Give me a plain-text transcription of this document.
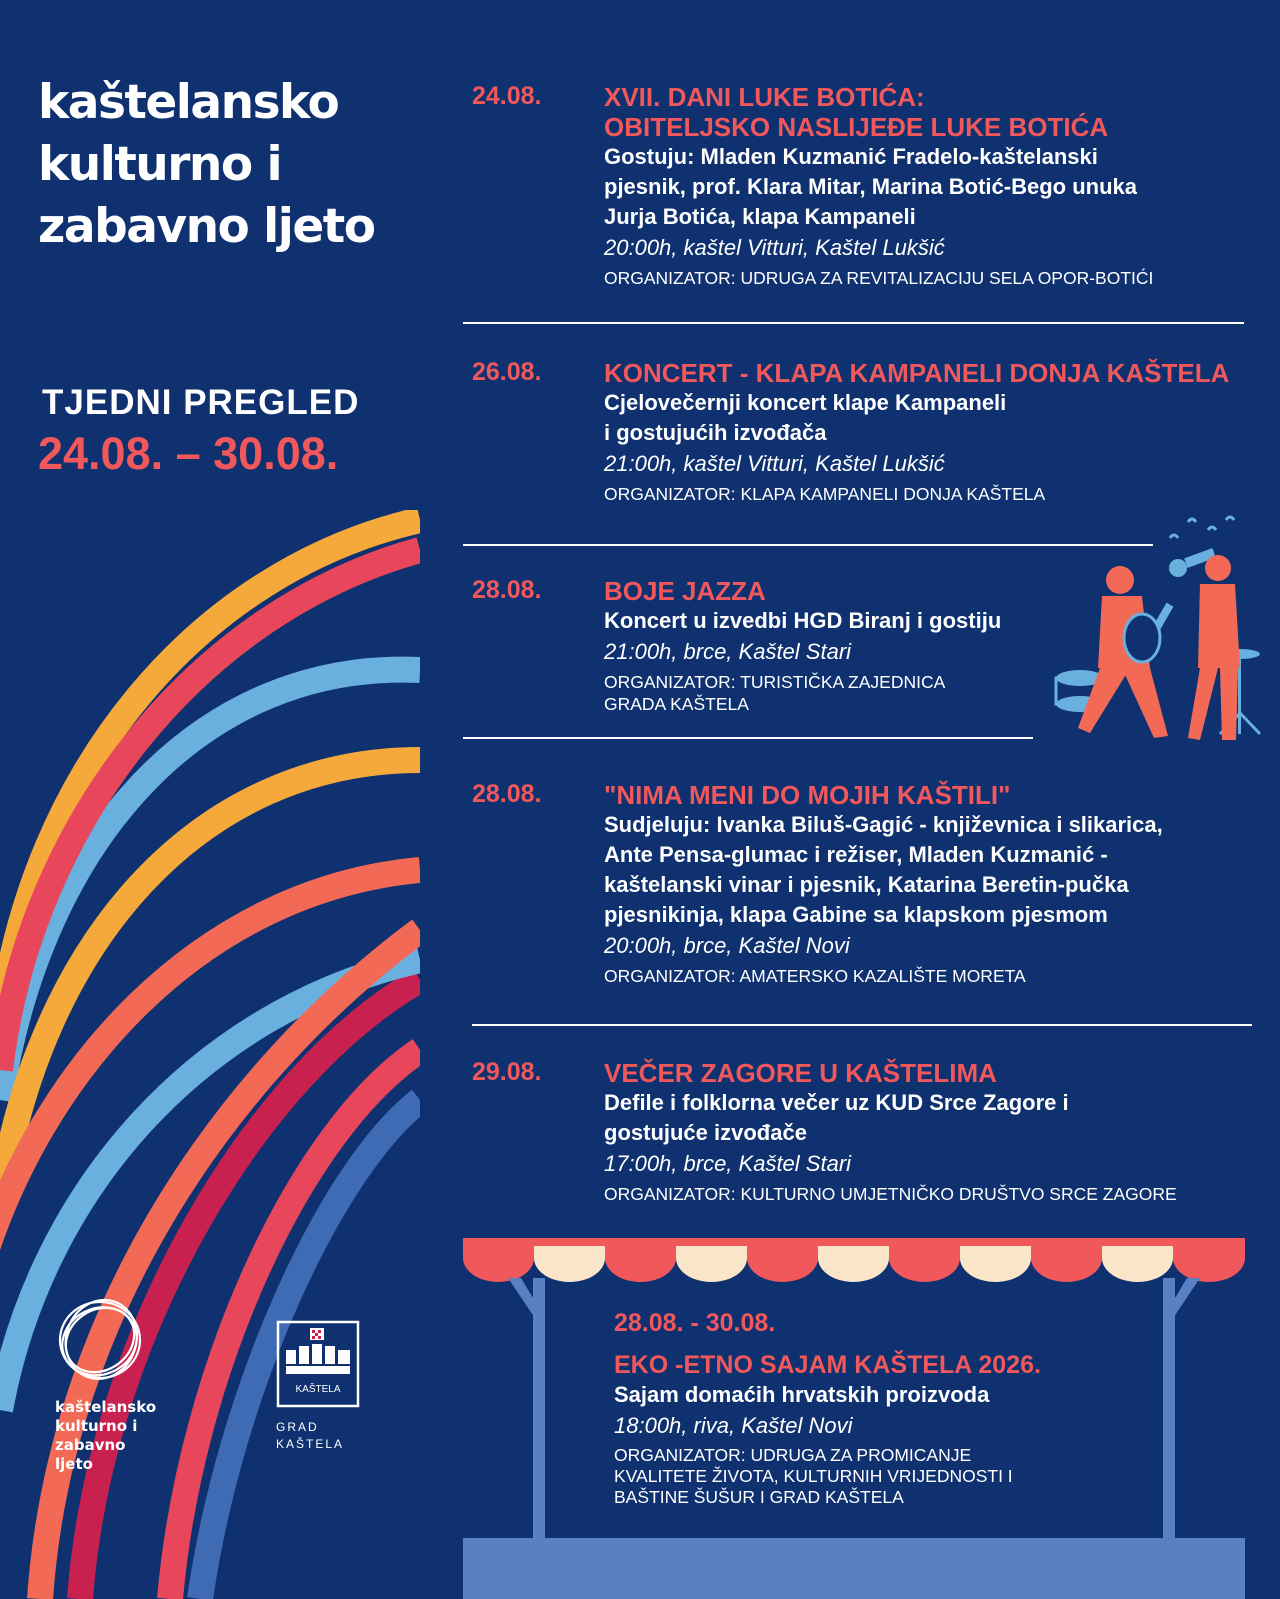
kaštelansko kulturno i zabavno ljeto
TJEDNI PREGLED
24.08. – 30.08.
kaštelansko
kulturno i
zabavno
ljeto
KAŠTELA
GRAD
KAŠTELA
24.08. XVII. DANI LUKE BOTIĆA:
OBITELJSKO NASLIJEĐE LUKE BOTIĆA
Gostuju: Mladen Kuzmanić Fradelo-kaštelanski
pjesnik, prof. Klara Mitar, Marina Botić-Bego unuka
Jurja Botića, klapa Kampaneli
20:00h, kaštel Vitturi, Kaštel Lukšić
ORGANIZATOR: UDRUGA ZA REVITALIZACIJU SELA OPOR-BOTIĆI
26.08. KONCERT - KLAPA KAMPANELI DONJA KAŠTELA
Cjelovečernji koncert klape Kampaneli
i gostujućih izvođača
21:00h, kaštel Vitturi, Kaštel Lukšić
ORGANIZATOR: KLAPA KAMPANELI DONJA KAŠTELA
28.08. BOJE JAZZA
Koncert u izvedbi HGD Biranj i gostiju
21:00h, brce, Kaštel Stari
ORGANIZATOR: TURISTIČKA ZAJEDNICA
GRADA KAŠTELA
28.08. "NIMA MENI DO MOJIH KAŠTILI"
Sudjeluju: Ivanka Biluš-Gagić - književnica i slikarica,
Ante Pensa-glumac i režiser, Mladen Kuzmanić -
kaštelanski vinar i pjesnik, Katarina Beretin-pučka
pjesnikinja, klapa Gabine sa klapskom pjesmom
20:00h, brce, Kaštel Novi
ORGANIZATOR: AMATERSKO KAZALIŠTE MORETA
29.08. VEČER ZAGORE U KAŠTELIMA
Defile i folklorna večer uz KUD Srce Zagore i
gostujuće izvođače
17:00h, brce, Kaštel Stari
ORGANIZATOR: KULTURNO UMJETNIČKO DRUŠTVO SRCE ZAGORE
28.08. - 30.08.
EKO -ETNO SAJAM KAŠTELA 2026.
Sajam domaćih hrvatskih proizvoda
18:00h, riva, Kaštel Novi
ORGANIZATOR: UDRUGA ZA PROMICANJE
KVALITETE ŽIVOTA, KULTURNIH VRIJEDNOSTI I
BAŠTINE ŠUŠUR I GRAD KAŠTELA
